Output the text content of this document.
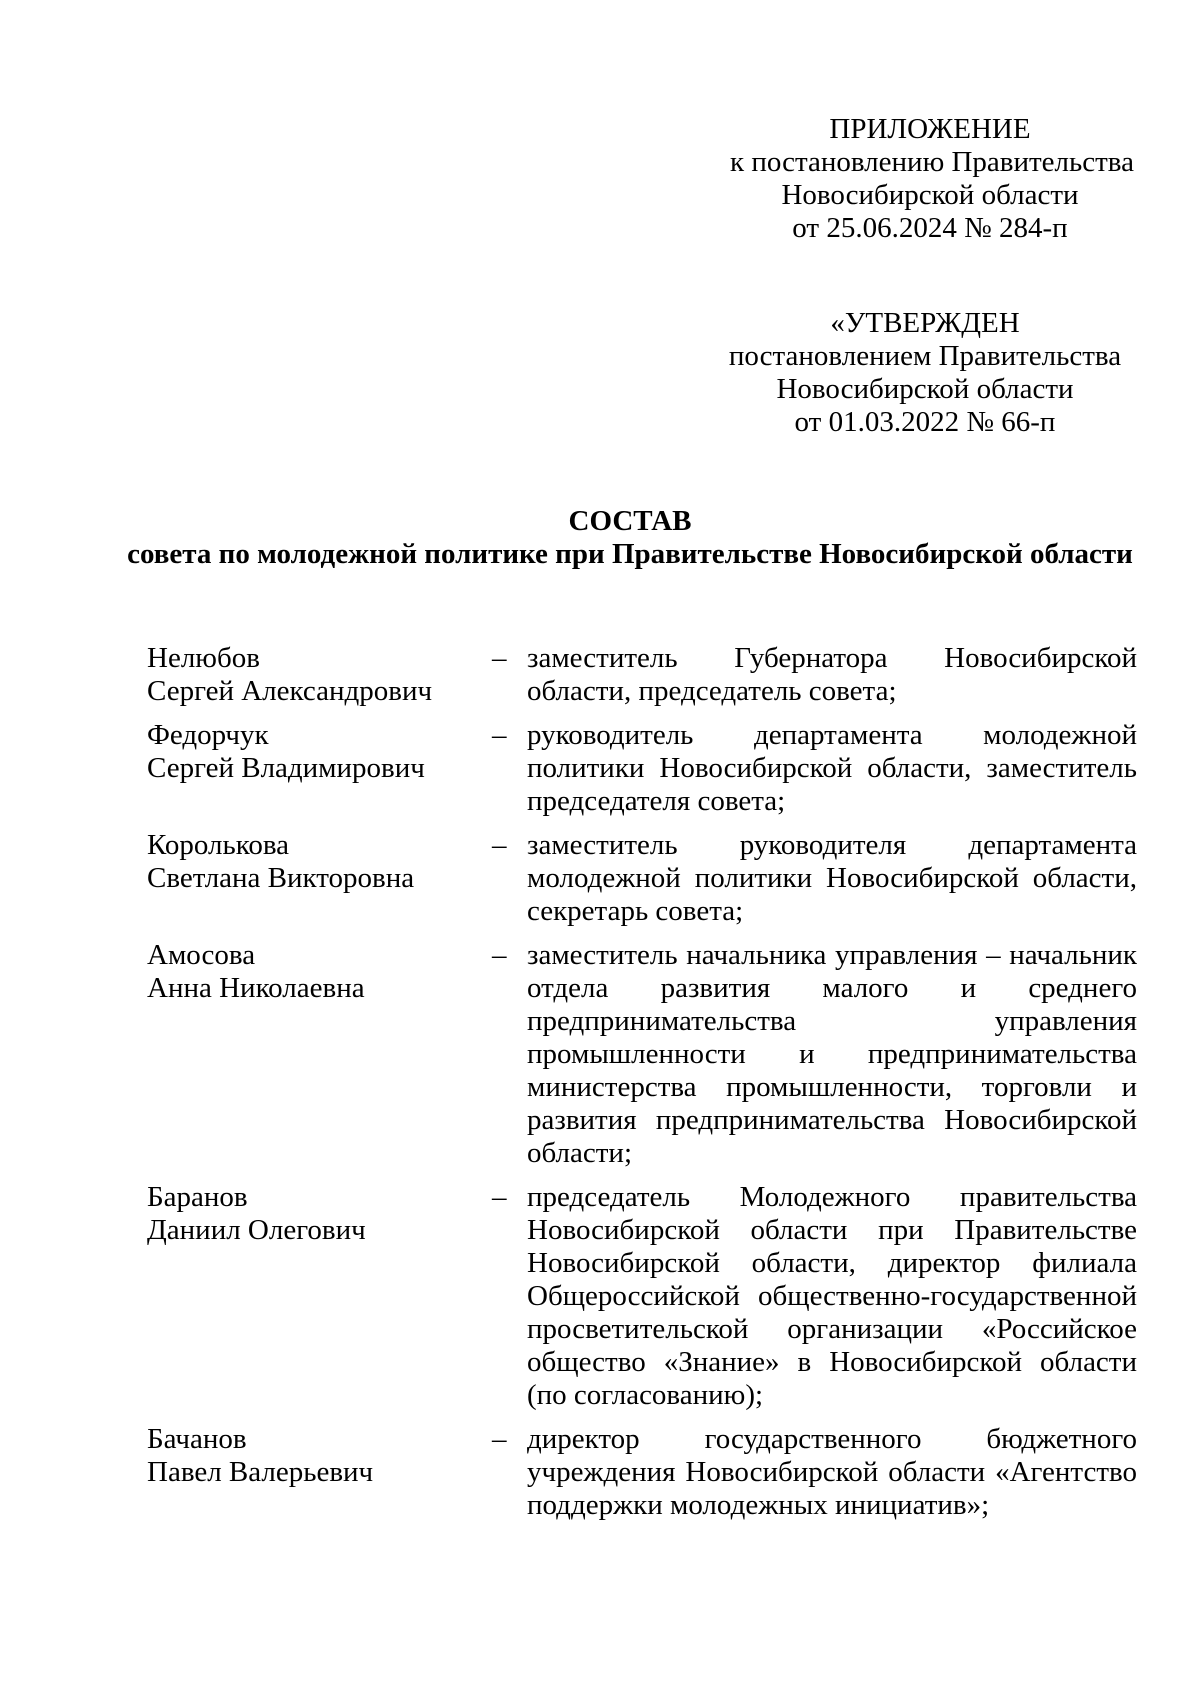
ПРИЛОЖЕНИЕ
к постановлению Правительства
Новосибирской области
от 25.06.2024 № 284-п
«УТВЕРЖДЕН
постановлением Правительства
Новосибирской области
от 01.03.2022 № 66-п
СОСТАВ
совета по молодежной политике при Правительстве Новосибирской области
Нелюбов
Сергей Александрович
– заместитель Губернатора Новосибирской области, председатель совета;
Федорчук
Сергей Владимирович
– руководитель департамента молодежной политики Новосибирской области, заместитель председателя совета;
Королькова
Светлана Викторовна
– заместитель руководителя департамента молодежной политики Новосибирской области, секретарь совета;
Амосова
Анна Николаевна
– заместитель начальника управления – начальник отдела развития малого и среднего предпринимательства управления промышленности и предпринимательства министерства промышленности, торговли и развития предпринимательства Новосибирской области;
Баранов
Даниил Олегович
– председатель Молодежного правительства Новосибирской области при Правительстве Новосибирской области, директор филиала Общероссийской общественно-государственной просветительской организации «Российское общество «Знание» в Новосибирской области (по согласованию);
Бачанов
Павел Валерьевич
– директор государственного бюджетного учреждения Новосибирской области «Агентство поддержки молодежных инициатив»;
